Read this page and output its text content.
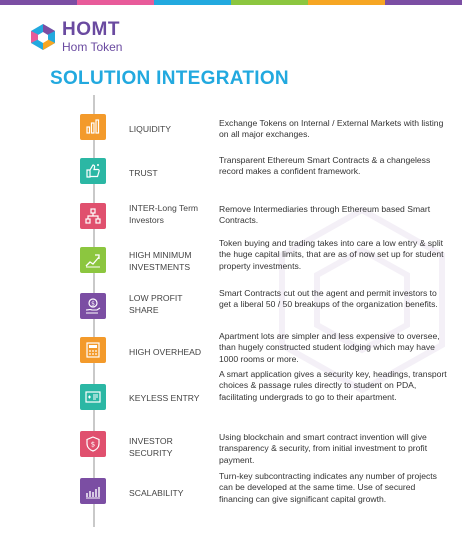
HOMT
Hom Token
SOLUTION INTEGRATION
LIQUIDITY
Exchange Tokens on Internal / External Markets with listing on all major exchanges.
TRUST
Transparent Ethereum Smart Contracts & a changeless record makes a confident framework.
INTER-Long Term Investors
Remove Intermediaries through Ethereum based Smart Contracts.
HIGH MINIMUM INVESTMENTS
Token buying and trading takes into care a low entry & split the huge capital limits, that are as of now set up for student property investments.
$
LOW PROFIT SHARE
Smart Contracts cut out the agent and permit investors to get a liberal 50 / 50 breakups of the organization benefits.
HIGH OVERHEAD
Apartment lots are simpler and less expensive to oversee, than hugely constructed student lodging which may have 1000 rooms or more.
KEYLESS ENTRY
A smart application gives a security key, headings, transport choices & passage rules directly to student on PDA, facilitating undergrads to go to their apartment.
$	INVESTOR SECURITY
Using blockchain and smart contract invention will give transparency & security, from initial investment to profit payment.
SCALABILITY
Turn-key subcontracting indicates any number of projects can be developed at the same time. Use of secured financing can give significant capital growth.
